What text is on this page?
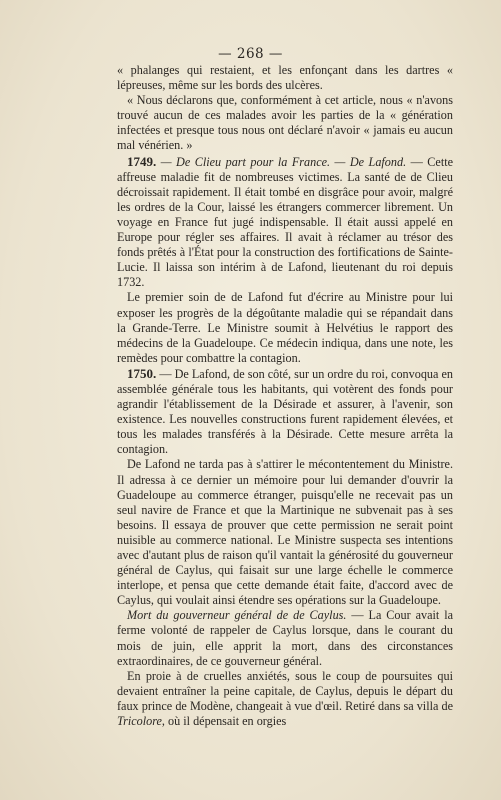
— 268 —

« phalanges qui restaient, et les enfonçant dans les dartres « lépreuses, même sur les bords des ulcères.

« Nous déclarons que, conformément à cet article, nous « n'avons trouvé aucun de ces malades avoir les parties de la « génération infectées et presque tous nous ont déclaré n'avoir « jamais eu aucun mal vénérien. »

1749. — De Clieu part pour la France. — De Lafond. — Cette affreuse maladie fit de nombreuses victimes. La santé de de Clieu décroissait rapidement. Il était tombé en disgrâce pour avoir, malgré les ordres de la Cour, laissé les étrangers commercer librement. Un voyage en France fut jugé indispensable. Il était aussi appelé en Europe pour régler ses affaires. Il avait à réclamer au trésor des fonds prêtés à l'État pour la construction des fortifications de Sainte-Lucie. Il laissa son intérim à de Lafond, lieutenant du roi depuis 1732.

Le premier soin de de Lafond fut d'écrire au Ministre pour lui exposer les progrès de la dégoûtante maladie qui se répandait dans la Grande-Terre. Le Ministre soumit à Helvétius le rapport des médecins de la Guadeloupe. Ce médecin indiqua, dans une note, les remèdes pour combattre la contagion.

1750. — De Lafond, de son côté, sur un ordre du roi, convoqua en assemblée générale tous les habitants, qui votèrent des fonds pour agrandir l'établissement de la Désirade et assurer, à l'avenir, son existence. Les nouvelles constructions furent rapidement élevées, et tous les malades transférés à la Désirade. Cette mesure arrêta la contagion.

De Lafond ne tarda pas à s'attirer le mécontentement du Ministre. Il adressa à ce dernier un mémoire pour lui demander d'ouvrir la Guadeloupe au commerce étranger, puisqu'elle ne recevait pas un seul navire de France et que la Martinique ne subvenait pas à ses besoins. Il essaya de prouver que cette permission ne serait point nuisible au commerce national. Le Ministre suspecta ses intentions avec d'autant plus de raison qu'il vantait la générosité du gouverneur général de Caylus, qui faisait sur une large échelle le commerce interlope, et pensa que cette demande était faite, d'accord avec de Caylus, qui voulait ainsi étendre ses opérations sur la Guadeloupe.

Mort du gouverneur général de de Caylus. — La Cour avait la ferme volonté de rappeler de Caylus lorsque, dans le courant du mois de juin, elle apprit la mort, dans des circonstances extraordinaires, de ce gouverneur général.

En proie à de cruelles anxiétés, sous le coup de poursuites qui devaient entraîner la peine capitale, de Caylus, depuis le départ du faux prince de Modène, changeait à vue d'œil. Retiré dans sa villa de Tricolore, où il dépensait en orgies
